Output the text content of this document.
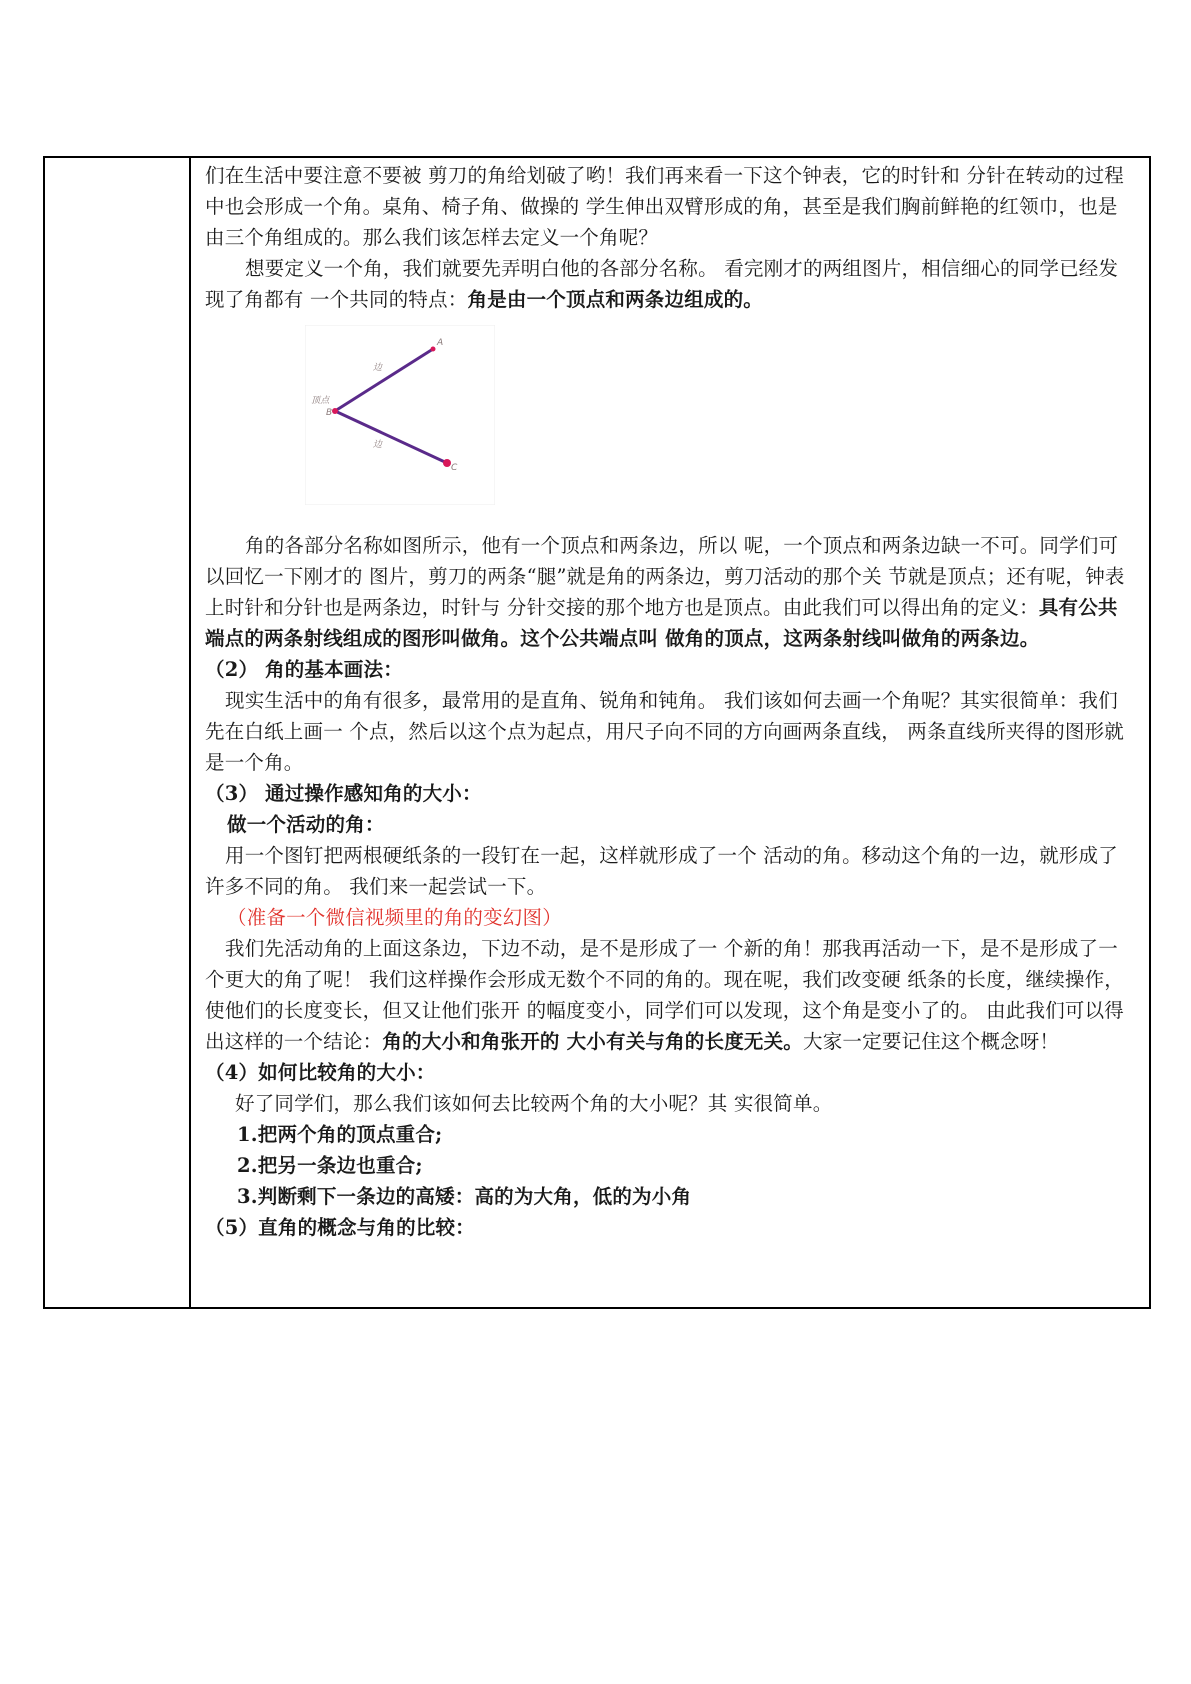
们在生活中要注意不要被 剪刀的角给划破了哟！我们再来看一下这个钟表，它的时针和 分针在转动的过程中也会形成一个角。桌角、椅子角、做操的 学生伸出双臂形成的角，甚至是我们胸前鲜艳的红领巾，也是 由三个角组成的。那么我们该怎样去定义一个角呢？

想要定义一个角，我们就要先弄明白他的各部分名称。 看完刚才的两组图片，相信细心的同学已经发现了角都有 一个共同的特点：角是由一个顶点和两条边组成的。

A
B
C
边
边
顶点

角的各部分名称如图所示，他有一个顶点和两条边，所以 呢，一个顶点和两条边缺一不可。同学们可以回忆一下刚才的 图片，剪刀的两条“腿”就是角的两条边，剪刀活动的那个关 节就是顶点；还有呢，钟表上时针和分针也是两条边，时针与 分针交接的那个地方也是顶点。由此我们可以得出角的定义：具有公共端点的两条射线组成的图形叫做角。这个公共端点叫 做角的顶点，这两条射线叫做角的两条边。

（2） 角的基本画法：

现实生活中的角有很多，最常用的是直角、锐角和钝角。 我们该如何去画一个角呢？其实很简单：我们先在白纸上画一 个点，然后以这个点为起点，用尺子向不同的方向画两条直线， 两条直线所夹得的图形就是一个角。

（3） 通过操作感知角的大小：

做一个活动的角：

用一个图钉把两根硬纸条的一段钉在一起，这样就形成了一个 活动的角。移动这个角的一边，就形成了许多不同的角。 我们来一起尝试一下。

（准备一个微信视频里的角的变幻图）

我们先活动角的上面这条边，下边不动，是不是形成了一 个新的角！那我再活动一下，是不是形成了一个更大的角了呢！ 我们这样操作会形成无数个不同的角的。现在呢，我们改变硬 纸条的长度，继续操作，使他们的长度变长，但又让他们张开 的幅度变小，同学们可以发现，这个角是变小了的。 由此我们可以得出这样的一个结论：角的大小和角张开的 大小有关与角的长度无关。大家一定要记住这个概念呀！

（4）如何比较角的大小：

好了同学们，那么我们该如何去比较两个角的大小呢？其 实很简单。

1.把两个角的顶点重合;

2.把另一条边也重合;

3.判断剩下一条边的高矮：高的为大角，低的为小角

（5）直角的概念与角的比较：
